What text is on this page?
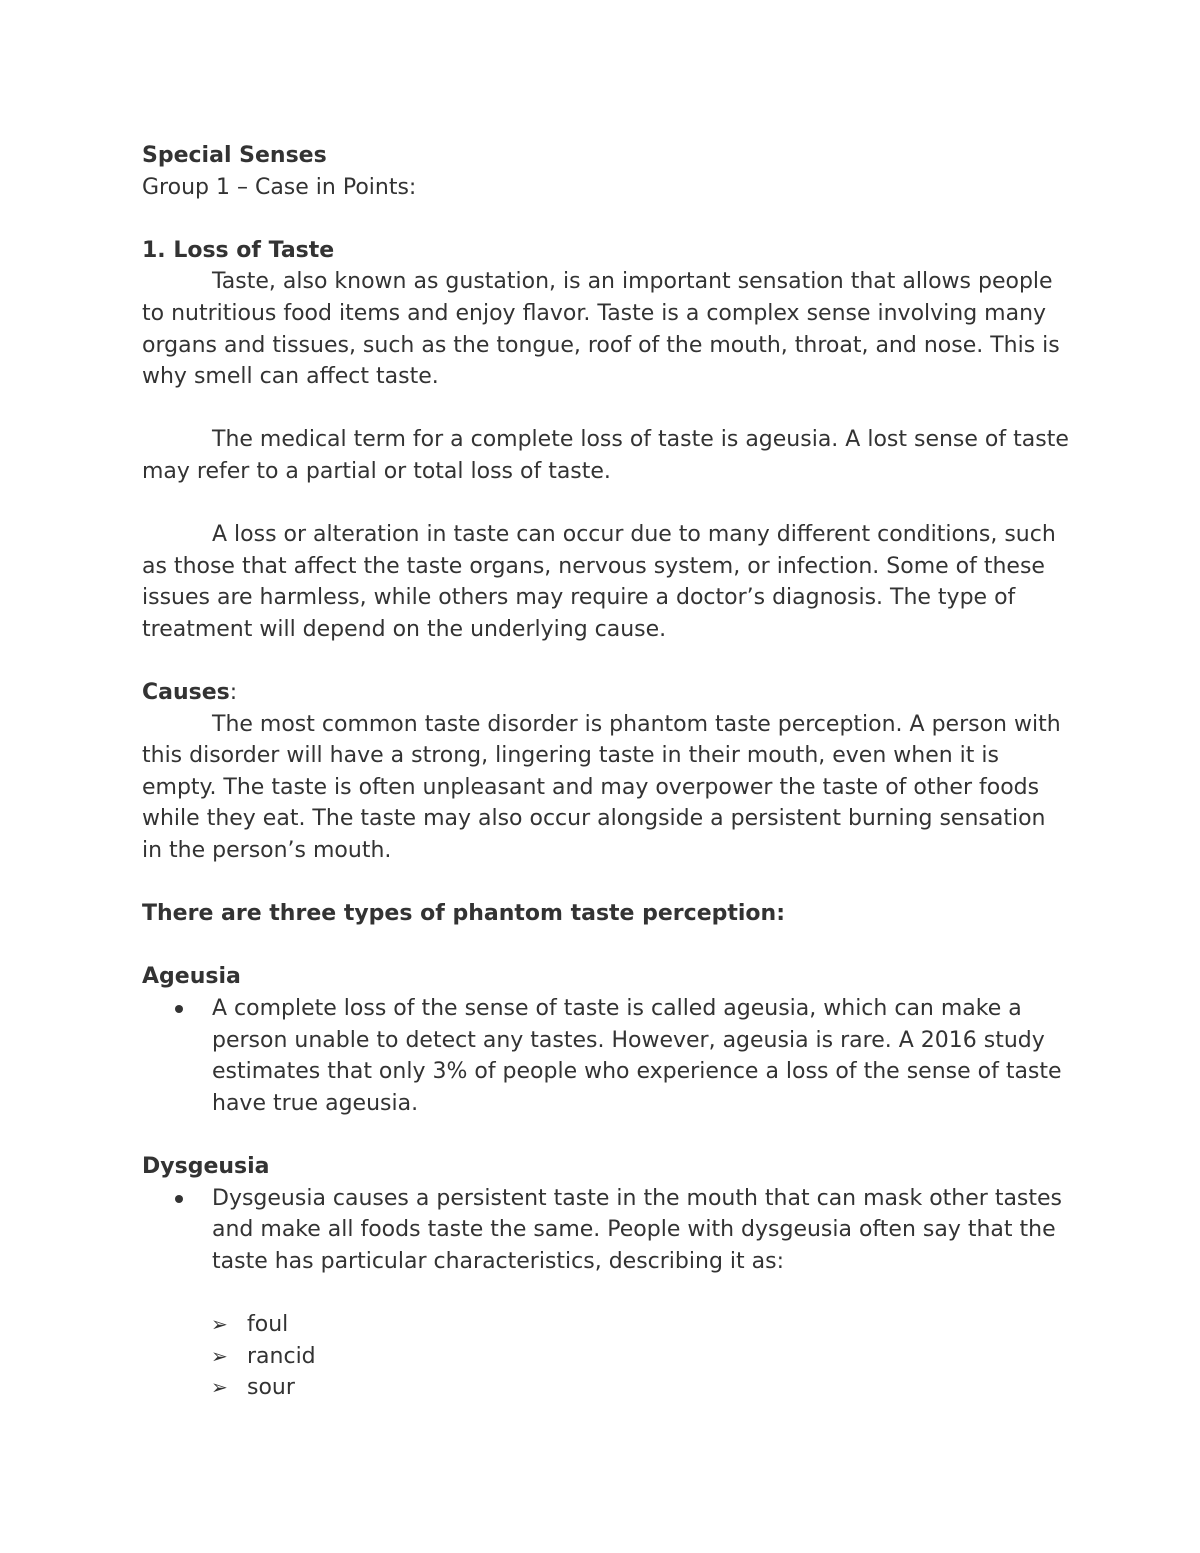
Special Senses

Group 1 – Case in Points:

1. Loss of Taste

Taste, also known as gustation, is an important sensation that allows people to nutritious food items and enjoy flavor. Taste is a complex sense involving many organs and tissues, such as the tongue, roof of the mouth, throat, and nose. This is why smell can affect taste.

The medical term for a complete loss of taste is ageusia. A lost sense of taste may refer to a partial or total loss of taste.

A loss or alteration in taste can occur due to many different conditions, such as those that affect the taste organs, nervous system, or infection. Some of these issues are harmless, while others may require a doctor’s diagnosis. The type of treatment will depend on the underlying cause.

Causes:

The most common taste disorder is phantom taste perception. A person with this disorder will have a strong, lingering taste in their mouth, even when it is empty. The taste is often unpleasant and may overpower the taste of other foods while they eat. The taste may also occur alongside a persistent burning sensation in the person’s mouth.

There are three types of phantom taste perception:

Ageusia

A complete loss of the sense of taste is called ageusia, which can make a person unable to detect any tastes. However, ageusia is rare. A 2016 study estimates that only 3% of people who experience a loss of the sense of taste have true ageusia.

Dysgeusia

Dysgeusia causes a persistent taste in the mouth that can mask other tastes and make all foods taste the same. People with dysgeusia often say that the taste has particular characteristics, describing it as:
➢ foul
➢ rancid
➢ sour
